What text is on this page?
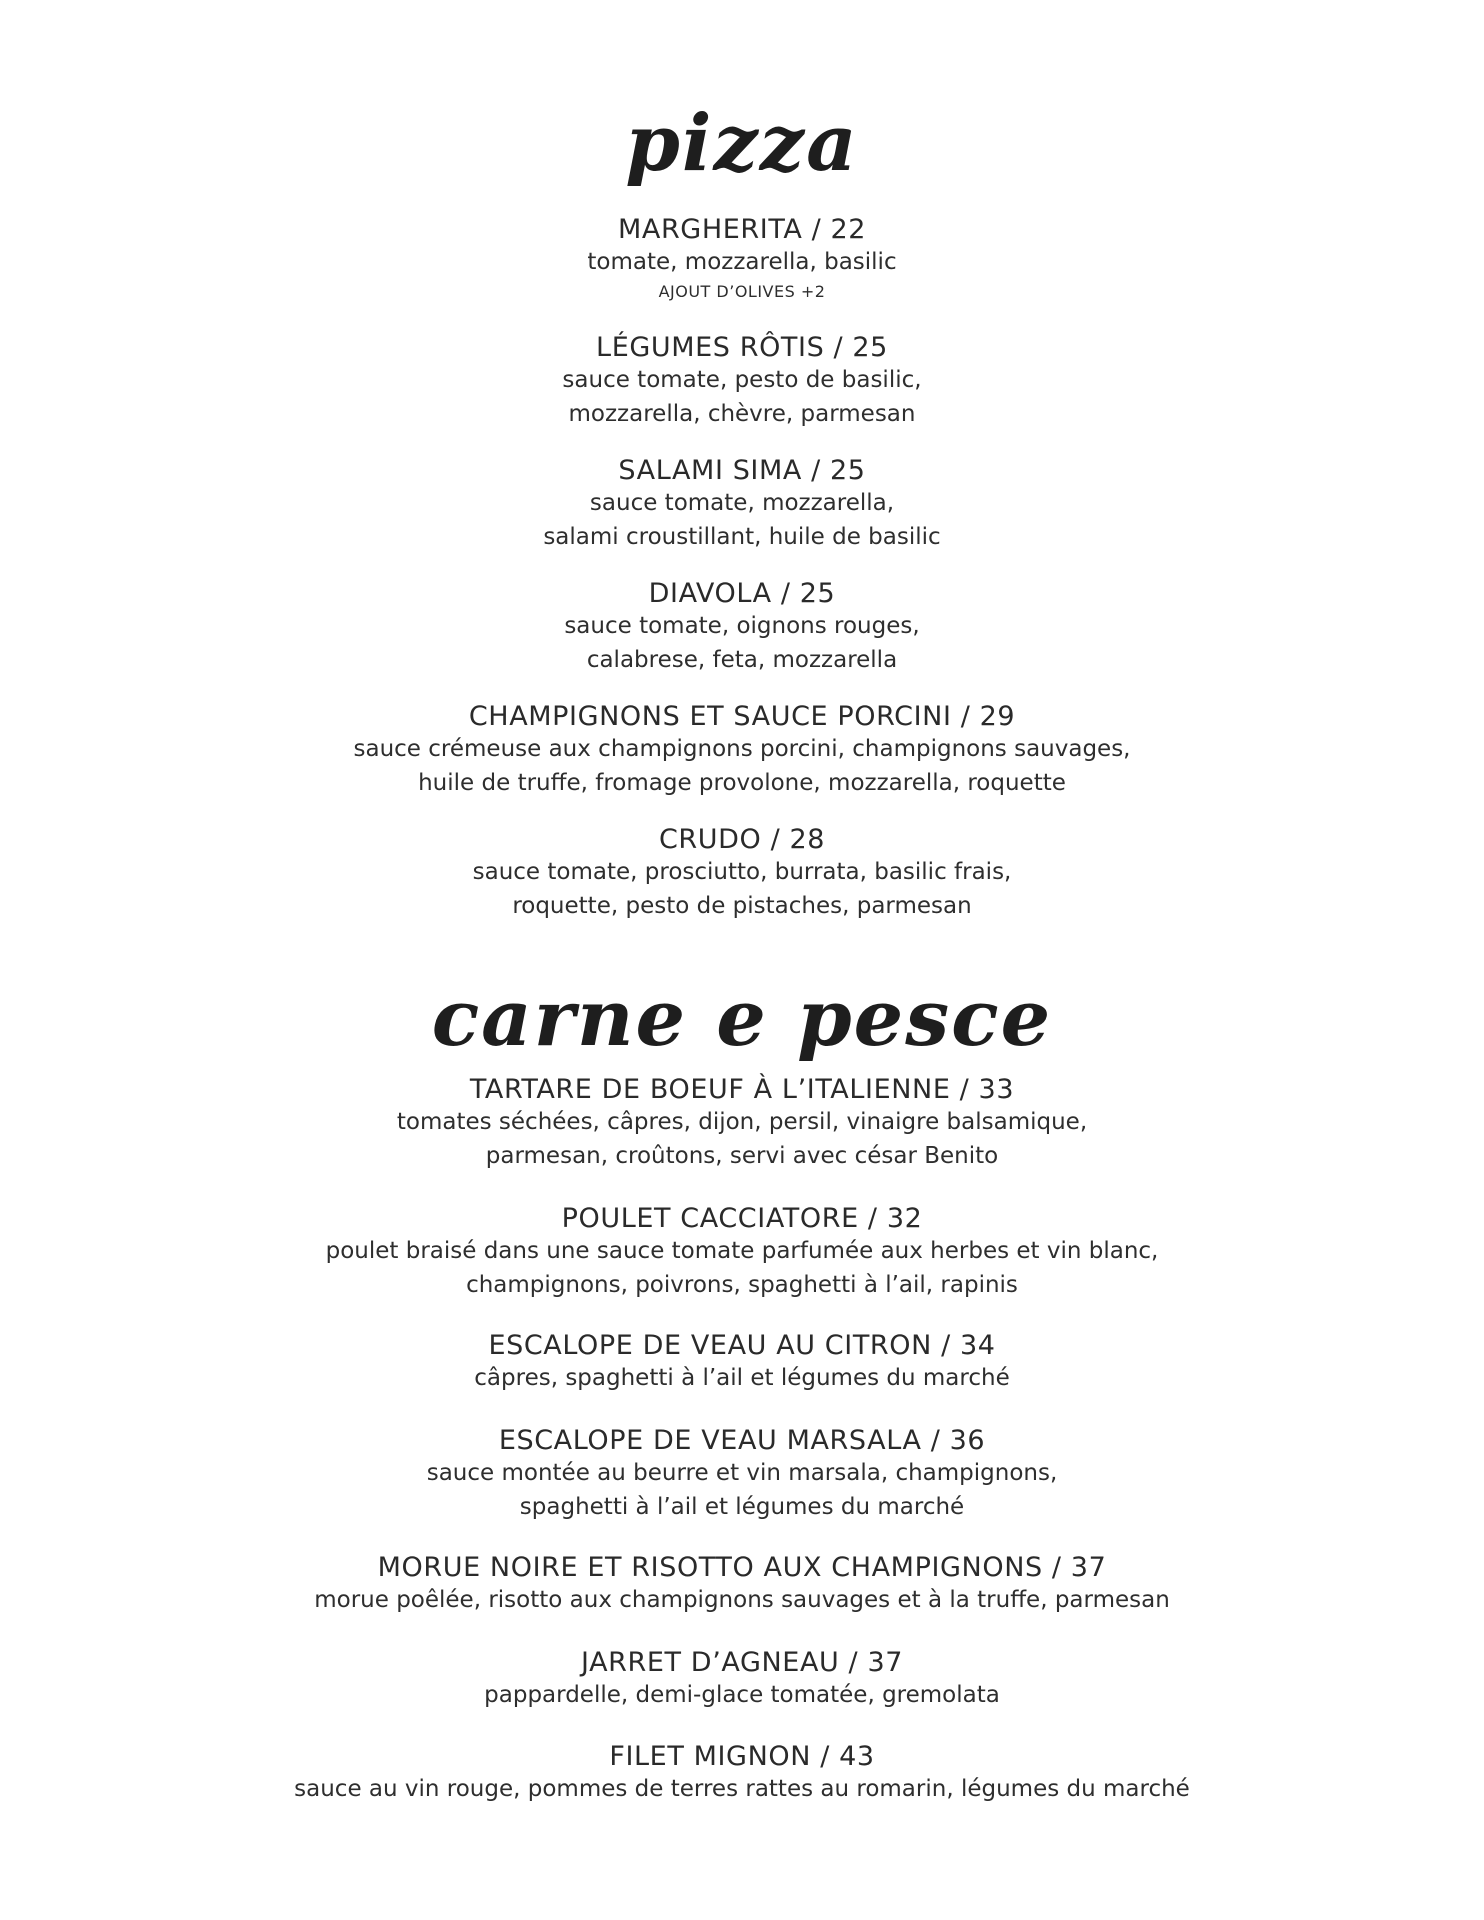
pizza
MARGHERITA / 22
tomate, mozzarella, basilic
AJOUT D’OLIVES +2
LÉGUMES RÔTIS / 25
sauce tomate, pesto de basilic,
mozzarella, chèvre, parmesan
SALAMI SIMA / 25
sauce tomate, mozzarella,
salami croustillant, huile de basilic
DIAVOLA / 25
sauce tomate, oignons rouges,
calabrese, feta, mozzarella
CHAMPIGNONS ET SAUCE PORCINI / 29
sauce crémeuse aux champignons porcini, champignons sauvages,
huile de truffe, fromage provolone, mozzarella, roquette
CRUDO / 28
sauce tomate, prosciutto, burrata, basilic frais,
roquette, pesto de pistaches, parmesan
carne e pesce
TARTARE DE BOEUF À L’ITALIENNE / 33
tomates séchées, câpres, dijon, persil, vinaigre balsamique,
parmesan, croûtons, servi avec césar Benito
POULET CACCIATORE / 32
poulet braisé dans une sauce tomate parfumée aux herbes et vin blanc,
champignons, poivrons, spaghetti à l’ail, rapinis
ESCALOPE DE VEAU AU CITRON / 34
câpres, spaghetti à l’ail et légumes du marché
ESCALOPE DE VEAU MARSALA / 36
sauce montée au beurre et vin marsala, champignons,
spaghetti à l’ail et légumes du marché
MORUE NOIRE ET RISOTTO AUX CHAMPIGNONS / 37
morue poêlée, risotto aux champignons sauvages et à la truffe, parmesan
JARRET D’AGNEAU / 37
pappardelle, demi-glace tomatée, gremolata
FILET MIGNON / 43
sauce au vin rouge, pommes de terres rattes au romarin, légumes du marché
